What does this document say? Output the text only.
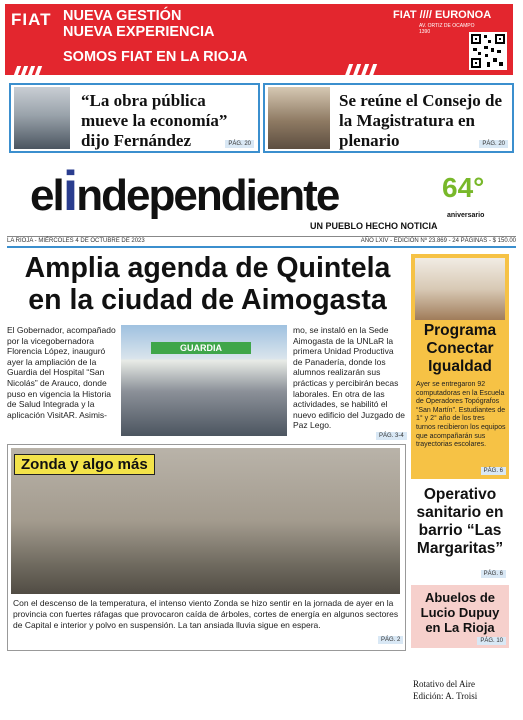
FIAT NUEVA GESTIÓN
NUEVA EXPERIENCIA
SOMOS FIAT EN LA RIOJA
FIAT //// EURONOA
AV. ORTIZ DE OCAMPO 1390
“La obra pública mueve la economía” dijo Fernández	PÁG. 20
Se reúne el Consejo de la Magistratura en plenario	PÁG. 20
elindependiente
UN PUEBLO HECHO NOTICIA
64°
aniversario
LA RIOJA - MIÉRCOLES 4 DE OCTUBRE DE 2023	AÑO LXIV - EDICIÓN Nº 23.869 - 24 PÁGINAS - $ 150.00
Amplia agenda de Quintela en la ciudad de Aimogasta
El Gobernador, acompañado por la vicegobernadora Florencia López, inauguró ayer la ampliación de la Guardia del Hospital “San Nicolás” de Arauco, donde puso en vigencia la Historia de Salud Integrada y la aplicación VisitAR. Asimis-
GUARDIA
mo, se instaló en la Sede Aimogasta de la UNLaR la primera Unidad Productiva de Panadería, donde los alumnos realizarán sus prácticas y percibirán becas laborales. En otra de las actividades, se habilitó el nuevo edificio del Juzgado de Paz Lego.
PÁG. 3-4
Zonda y algo más
Con el descenso de la temperatura, el intenso viento Zonda se hizo sentir en la jornada de ayer en la provincia con fuertes ráfagas que provocaron caída de árboles, cortes de energía en algunos sectores de Capital e interior y polvo en suspensión. La tan ansiada lluvia sigue en espera.
PÁG. 2
Programa Conectar Igualdad
Ayer se entregaron 92 computadoras en la Escuela de Operadores Topógrafos “San Martín”. Estudiantes de 1° y 2° año de los tres turnos recibieron los equipos que acompañarán sus trayectorias escolares.
PÁG. 6
Operativo sanitario en barrio “Las Margaritas”
PÁG. 6
Abuelos de Lucio Dupuy en La Rioja
PÁG. 10
Rotativo del Aire
Edición: A. Troisi
